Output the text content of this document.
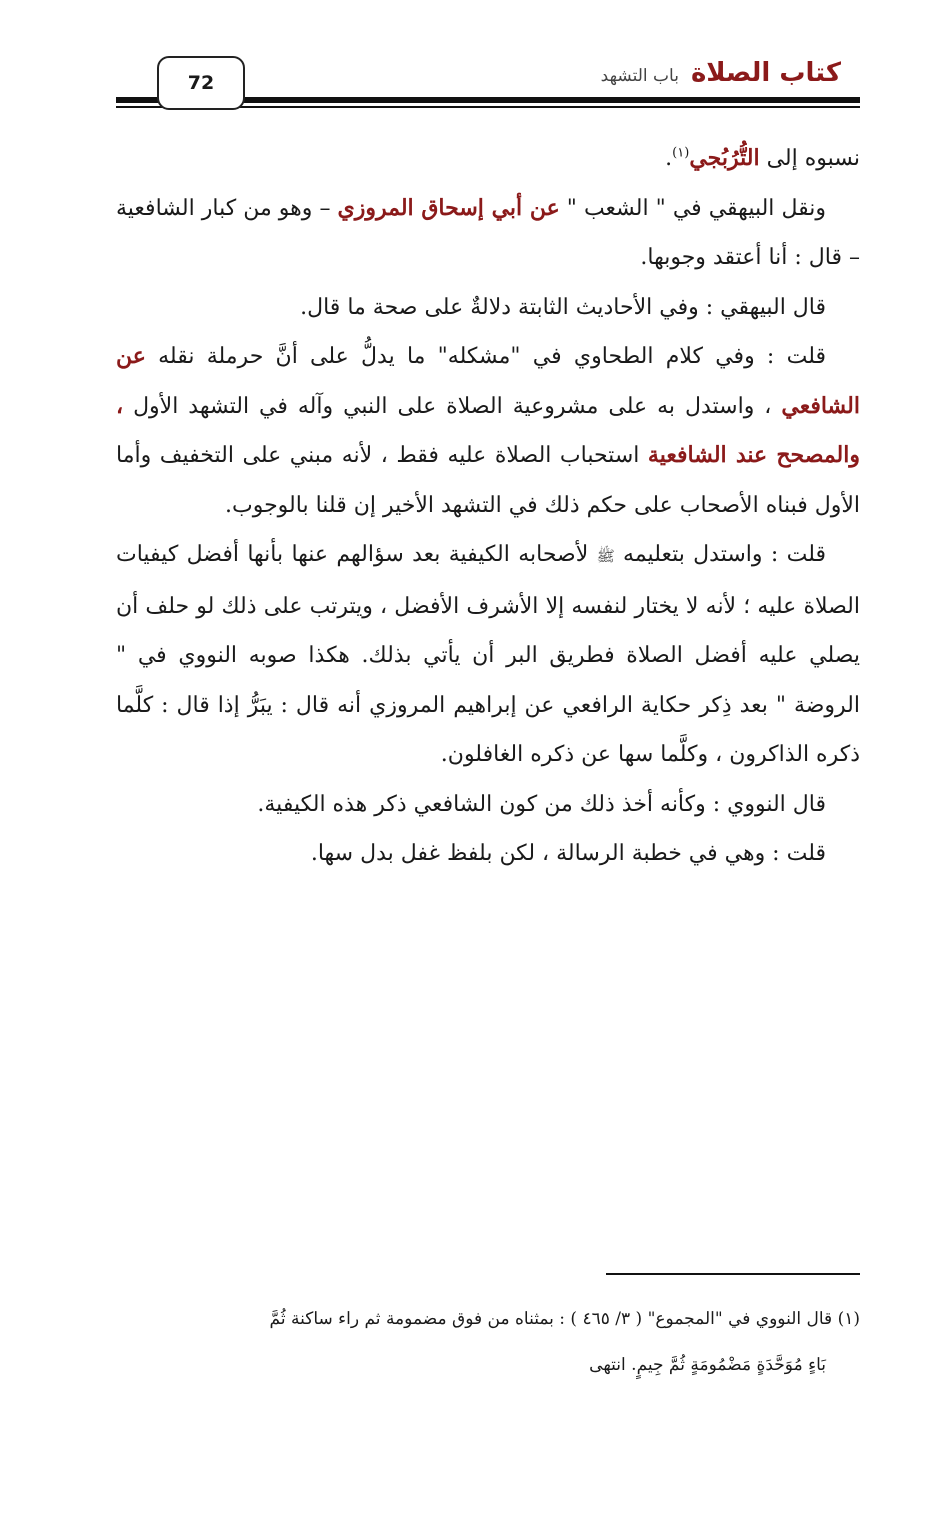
72	كتاب الصلاة
باب التشهد

نسبوه إلى التُّرُبُجي$^{(١)}$.

ونقل البيهقي في " الشعب " عن أبي إسحاق المروزي – وهو من كبار الشافعية – قال : أنا أعتقد وجوبها.

قال البيهقي : وفي الأحاديث الثابتة دلالةٌ على صحة ما قال.

قلت : وفي كلام الطحاوي في "مشكله" ما يدلُّ على أنَّ حرملة نقله عن الشافعي ، واستدل به على مشروعية الصلاة على النبي وآله في التشهد الأول ، والمصحح عند الشافعية استحباب الصلاة عليه فقط ، لأنه مبني على التخفيف وأما الأول فبناه الأصحاب على حكم ذلك في التشهد الأخير إن قلنا بالوجوب.

قلت : واستدل بتعليمه ﷺ لأصحابه الكيفية بعد سؤالهم عنها بأنها أفضل كيفيات الصلاة عليه ؛ لأنه لا يختار لنفسه إلا الأشرف الأفضل ، ويترتب على ذلك لو حلف أن يصلي عليه أفضل الصلاة فطريق البر أن يأتي بذلك. هكذا صوبه النووي في " الروضة " بعد ذِكر حكاية الرافعي عن إبراهيم المروزي أنه قال : يبَرُّ إذا قال : كلَّما ذكره الذاكرون ، وكلَّما سها عن ذكره الغافلون.

قال النووي : وكأنه أخذ ذلك من كون الشافعي ذكر هذه الكيفية.

قلت : وهي في خطبة الرسالة ، لكن بلفظ غفل بدل سها.

(١) قال النووي في "المجموع" ( ٣/ ٤٦٥ ) : بمثناه من فوق مضمومة ثم راء ساكنة ثُمَّ

بَاءٍ مُوَحَّدَةٍ مَضْمُومَةٍ ثُمَّ جِيمٍ. انتهى
